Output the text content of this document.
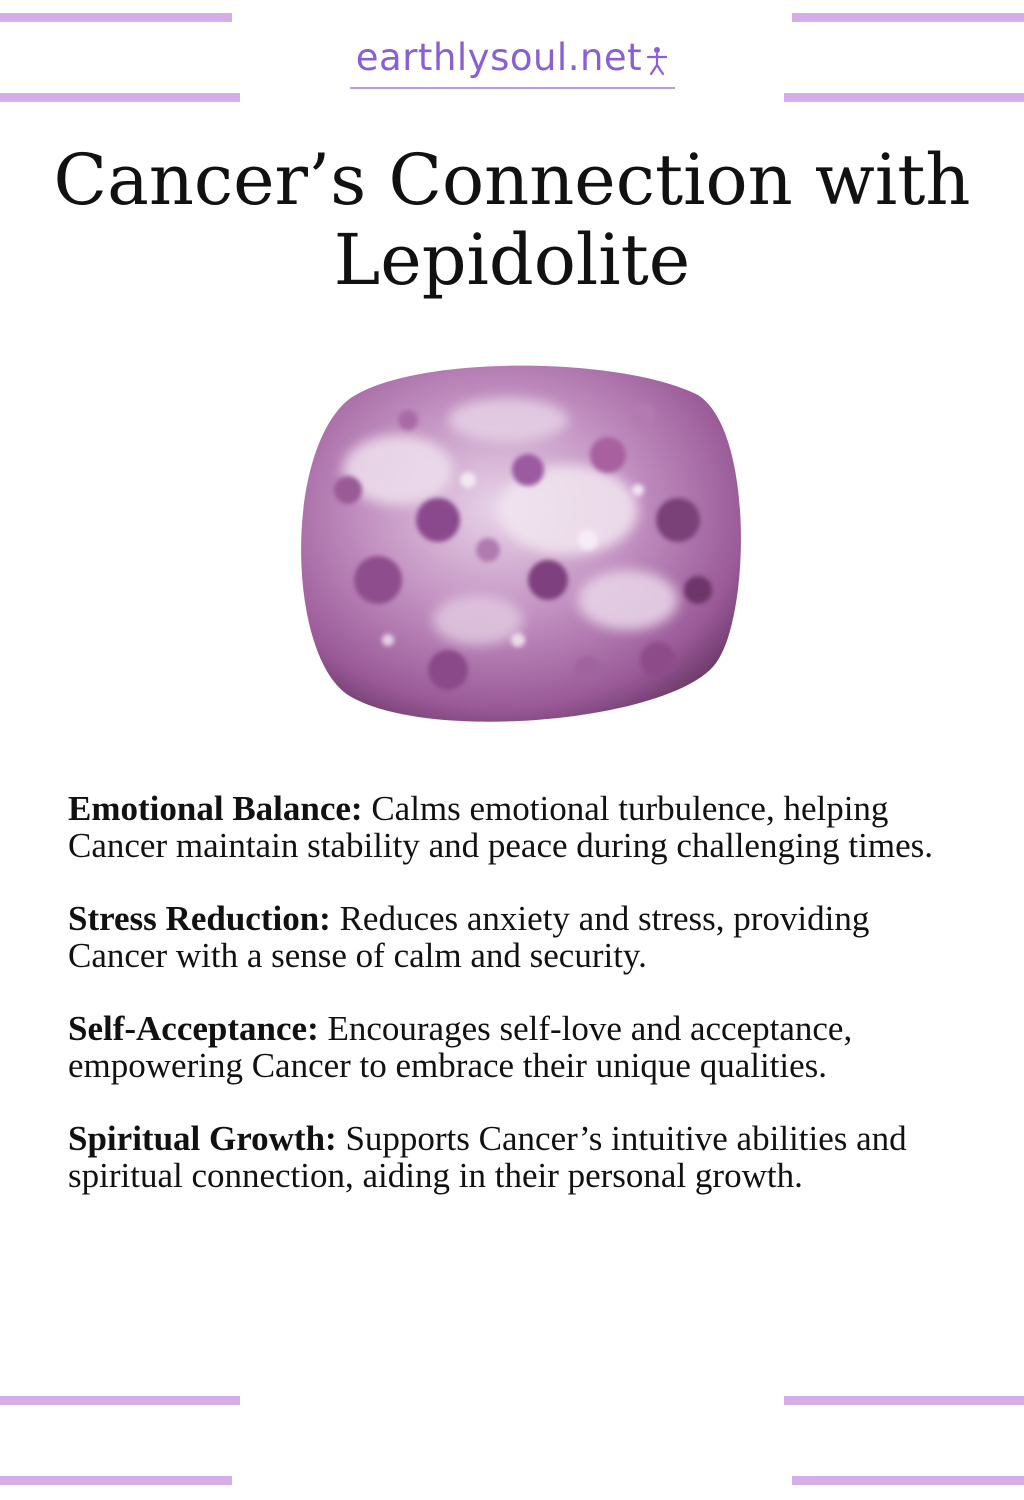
earthlysoul.net
Cancer’s Connection with Lepidolite

Emotional Balance: Calms emotional turbulence, helping Cancer maintain stability and peace during challenging times.

Stress Reduction: Reduces anxiety and stress, providing Cancer with a sense of calm and security.

Self-Acceptance: Encourages self-love and acceptance, empowering Cancer to embrace their unique qualities.

Spiritual Growth: Supports Cancer’s intuitive abilities and spiritual connection, aiding in their personal growth.
